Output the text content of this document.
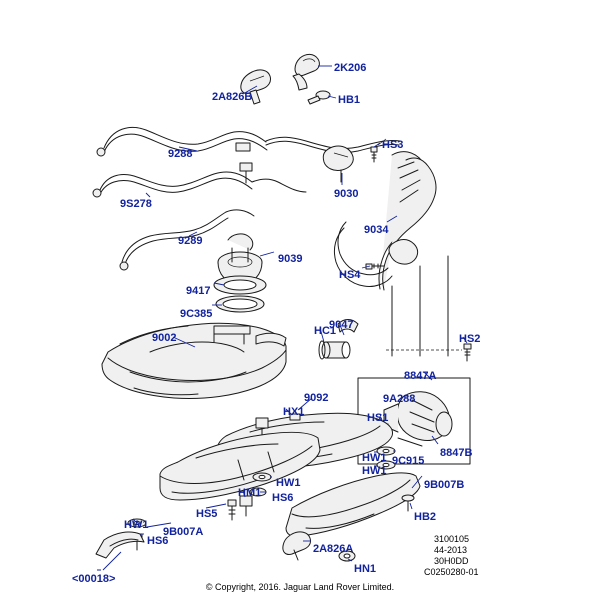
2K206
2A826B	HB1
9288
HS3
9030
9S278
9289
9034
9039
HS4
9417
9C385
9047
HC1
9002	HS2
8847A
9A288
9092
HX1	HS1
8847B
HW1 9C915
HW1
9B007B
HW1
HS6
HM1
HB2
HS5
HW1
HS6
9B007A
2A826A
HN1
<00018>
3100105
44-2013
30H0DD
C0250280-01
© Copyright, 2016. Jaguar Land Rover Limited.
